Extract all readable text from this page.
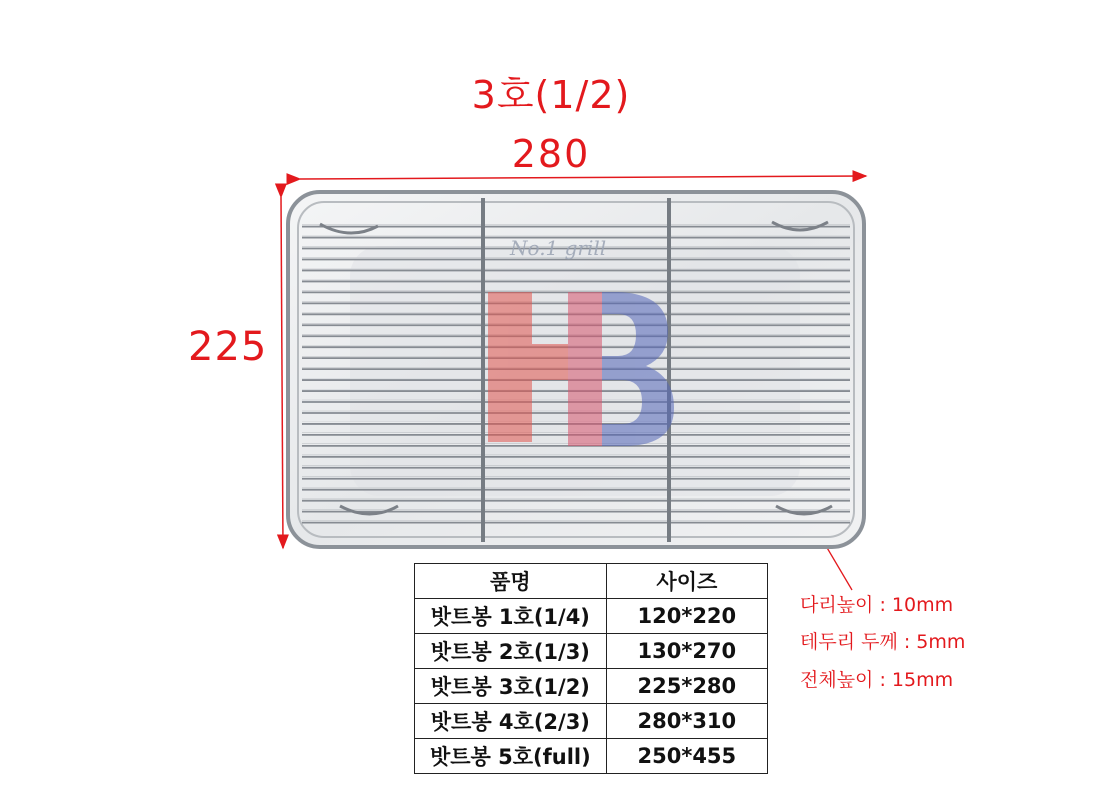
3호(1/2)
280
225
No.1 grill
품명	사이즈
밧트봉 1호(1/4)	120*220
밧트봉 2호(1/3)	130*270
밧트봉 3호(1/2)	225*280
밧트봉 4호(2/3)	280*310
밧트봉 5호(full)	250*455
다리높이 : 10mm
테두리 두께 : 5mm
전체높이 : 15mm
